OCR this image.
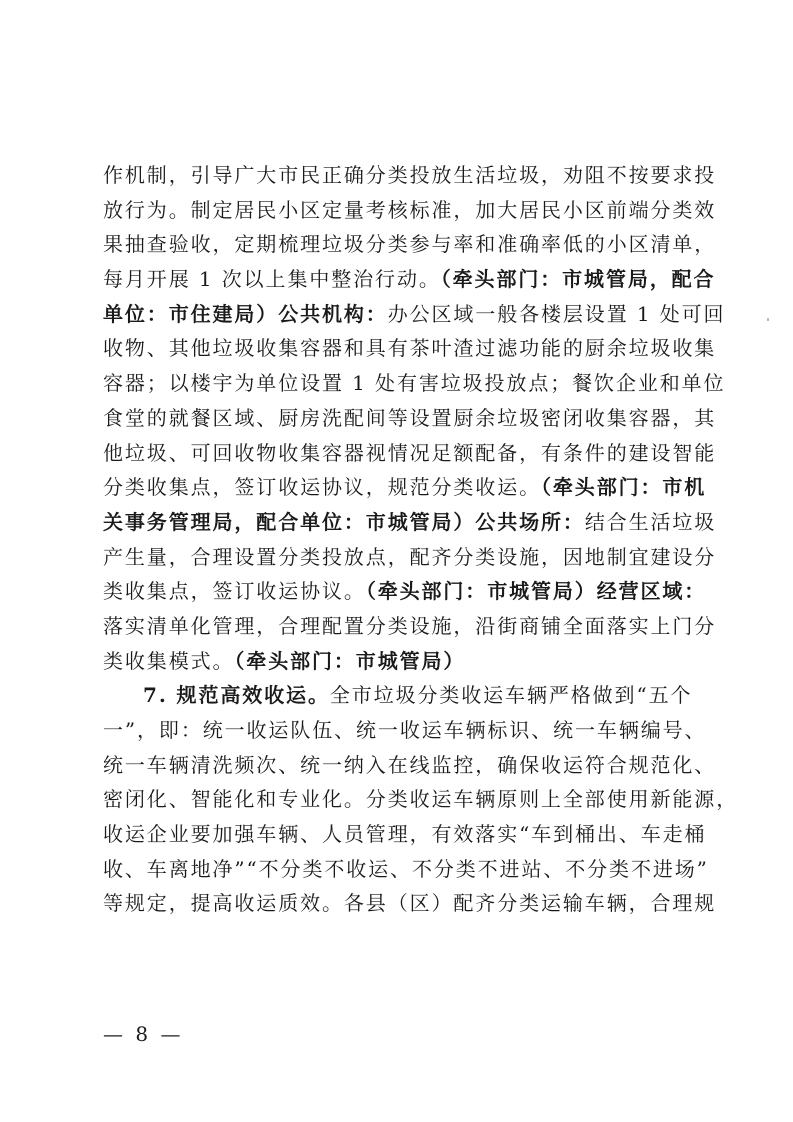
作机制，引导广大市民正确分类投放生活垃圾，劝阻不按要求投
放行为。制定居民小区定量考核标准，加大居民小区前端分类效
果抽查验收，定期梳理垃圾分类参与率和准确率低的小区清单，
每月开展 1 次以上集中整治行动。（牵头部门：市城管局，配合
单位：市住建局）公共机构：办公区域一般各楼层设置 1 处可回
收物、其他垃圾收集容器和具有茶叶渣过滤功能的厨余垃圾收集
容器；以楼宇为单位设置 1 处有害垃圾投放点；餐饮企业和单位
食堂的就餐区域、厨房洗配间等设置厨余垃圾密闭收集容器，其
他垃圾、可回收物收集容器视情况足额配备，有条件的建设智能
分类收集点，签订收运协议，规范分类收运。（牵头部门：市机
关事务管理局，配合单位：市城管局）公共场所：结合生活垃圾
产生量，合理设置分类投放点，配齐分类设施，因地制宜建设分
类收集点，签订收运协议。（牵头部门：市城管局）经营区域：
落实清单化管理，合理配置分类设施，沿街商铺全面落实上门分
类收集模式。（牵头部门：市城管局）
7. 规范高效收运。全市垃圾分类收运车辆严格做到“五个
一”，即：统一收运队伍、统一收运车辆标识、统一车辆编号、
统一车辆清洗频次、统一纳入在线监控，确保收运符合规范化、
密闭化、智能化和专业化。分类收运车辆原则上全部使用新能源，
收运企业要加强车辆、人员管理，有效落实“车到桶出、车走桶
收、车离地净”“不分类不收运、不分类不进站、不分类不进场”
等规定，提高收运质效。各县（区）配齐分类运输车辆，合理规
— 8 —
